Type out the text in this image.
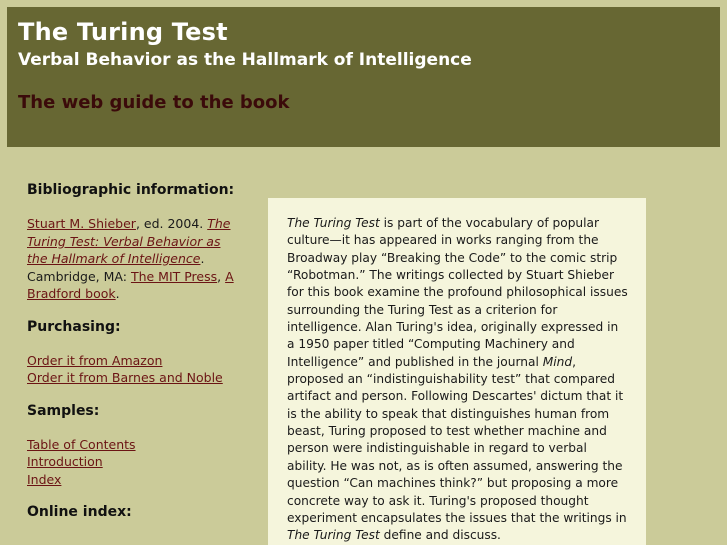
The Turing Test
Verbal Behavior as the Hallmark of Intelligence
The web guide to the book
Bibliographic information:
Stuart M. Shieber, ed. 2004. The Turing Test: Verbal Behavior as the Hallmark of Intelligence. Cambridge, MA: The MIT Press, A Bradford book.
Purchasing:
Order it from Amazon
Order it from Barnes and Noble
Samples:
Table of Contents
Introduction
Index
Online index:

The Turing Test is part of the vocabulary of popular culture—it has appeared in works ranging from the Broadway play “Breaking the Code” to the comic strip “Robotman.” The writings collected by Stuart Shieber for this book examine the profound philosophical issues surrounding the Turing Test as a criterion for intelligence. Alan Turing's idea, originally expressed in a 1950 paper titled “Computing Machinery and Intelligence” and published in the journal Mind, proposed an “indistinguishability test” that compared artifact and person. Following Descartes' dictum that it is the ability to speak that distinguishes human from beast, Turing proposed to test whether machine and person were indistinguishable in regard to verbal ability. He was not, as is often assumed, answering the question “Can machines think?” but proposing a more concrete way to ask it. Turing's proposed thought experiment encapsulates the issues that the writings in The Turing Test define and discuss.
